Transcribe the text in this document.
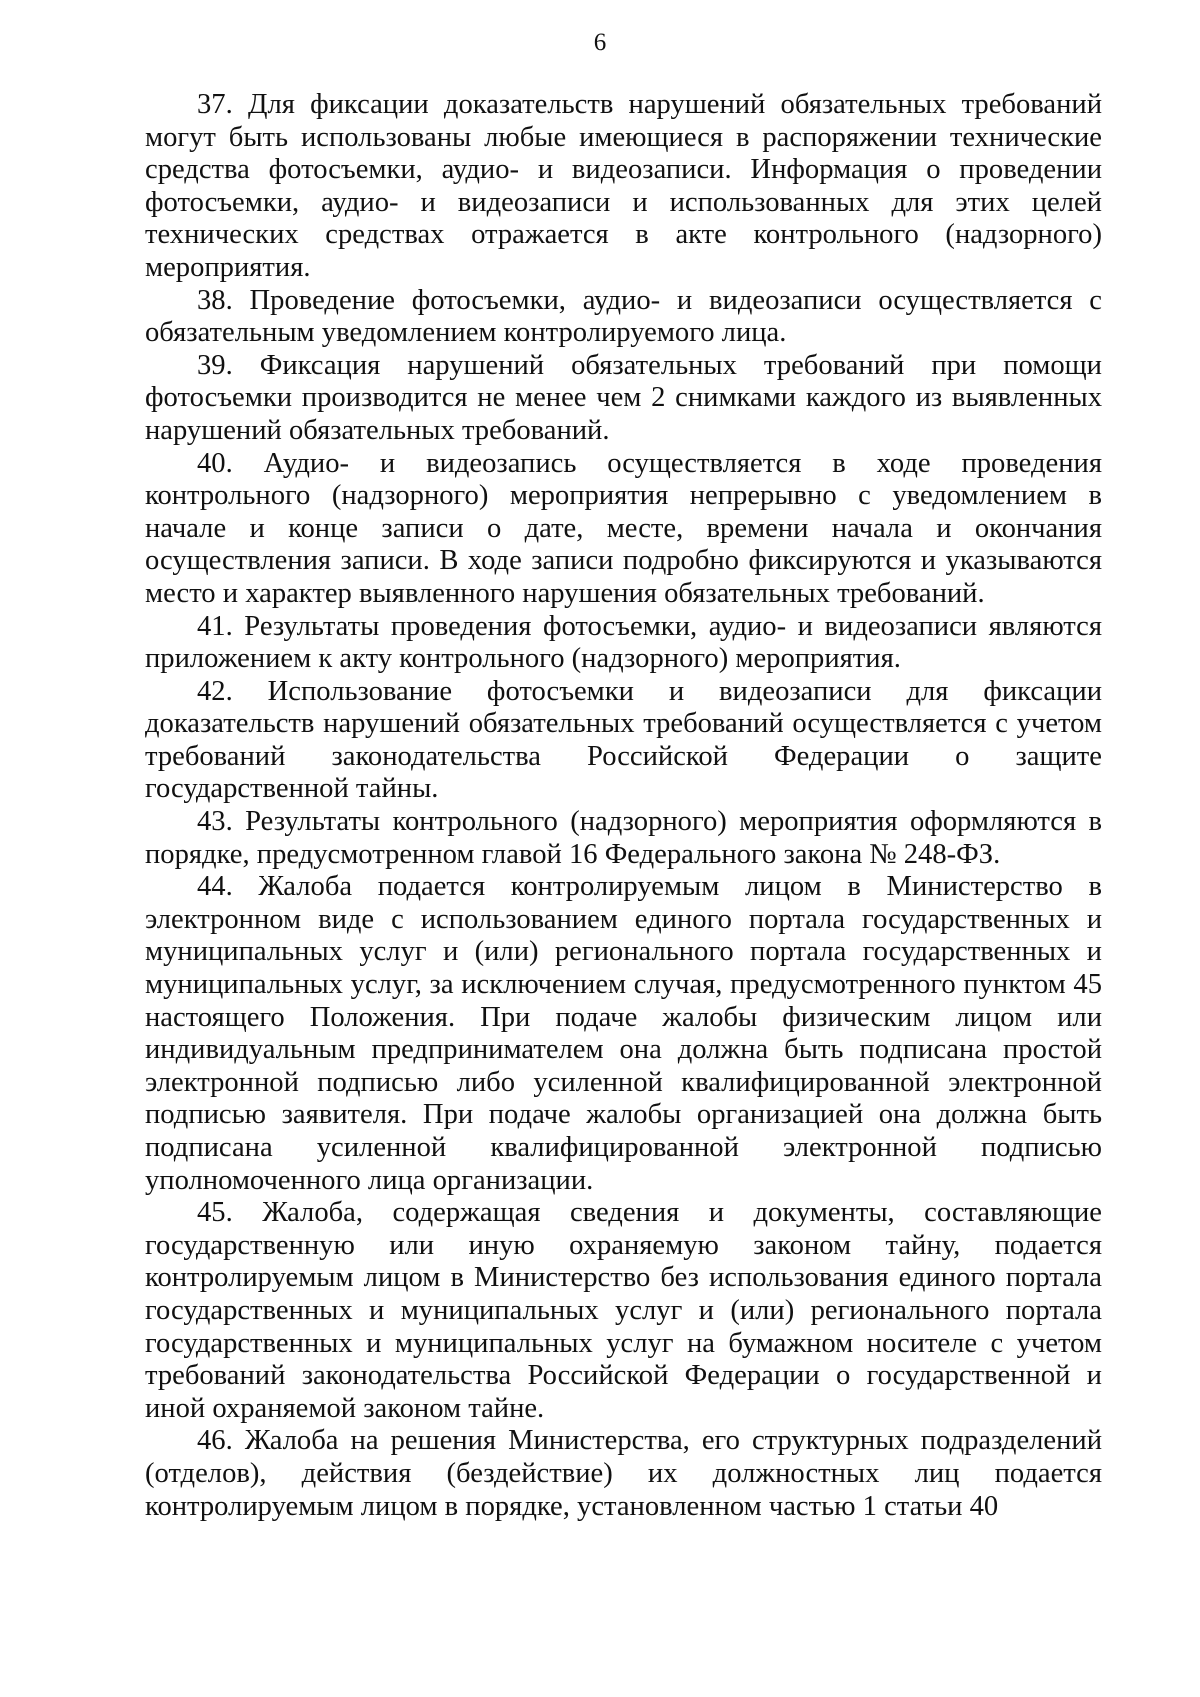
6

37. Для фиксации доказательств нарушений обязательных требований могут быть использованы любые имеющиеся в распоряжении технические средства фотосъемки, аудио- и видеозаписи. Информация о проведении фотосъемки, аудио- и видеозаписи и использованных для этих целей технических средствах отражается в акте контрольного (надзорного) мероприятия.

38. Проведение фотосъемки, аудио- и видеозаписи осуществляется с обязательным уведомлением контролируемого лица.

39. Фиксация нарушений обязательных требований при помощи фотосъемки производится не менее чем 2 снимками каждого из выявленных нарушений обязательных требований.

40. Аудио- и видеозапись осуществляется в ходе проведения контрольного (надзорного) мероприятия непрерывно с уведомлением в начале и конце записи о дате, месте, времени начала и окончания осуществления записи. В ходе записи подробно фиксируются и указываются место и характер выявленного нарушения обязательных требований.

41. Результаты проведения фотосъемки, аудио- и видеозаписи являются приложением к акту контрольного (надзорного) мероприятия.

42. Использование фотосъемки и видеозаписи для фиксации доказательств нарушений обязательных требований осуществляется с учетом требований законодательства Российской Федерации о защите государственной тайны.

43. Результаты контрольного (надзорного) мероприятия оформляются в порядке, предусмотренном главой 16 Федерального закона № 248-ФЗ.

44. Жалоба подается контролируемым лицом в Министерство в электронном виде с использованием единого портала государственных и муниципальных услуг и (или) регионального портала государственных и муниципальных услуг, за исключением случая, предусмотренного пунктом 45 настоящего Положения. При подаче жалобы физическим лицом или индивидуальным предпринимателем она должна быть подписана простой электронной подписью либо усиленной квалифицированной электронной подписью заявителя. При подаче жалобы организацией она должна быть подписана усиленной квалифицированной электронной подписью уполномоченного лица организации.

45. Жалоба, содержащая сведения и документы, составляющие государственную или иную охраняемую законом тайну, подается контролируемым лицом в Министерство без использования единого портала государственных и муниципальных услуг и (или) регионального портала государственных и муниципальных услуг на бумажном носителе с учетом требований законодательства Российской Федерации о государственной и иной охраняемой законом тайне.

46. Жалоба на решения Министерства, его структурных подразделений (отделов), действия (бездействие) их должностных лиц подается контролируемым лицом в порядке, установленном частью 1 статьи 40
